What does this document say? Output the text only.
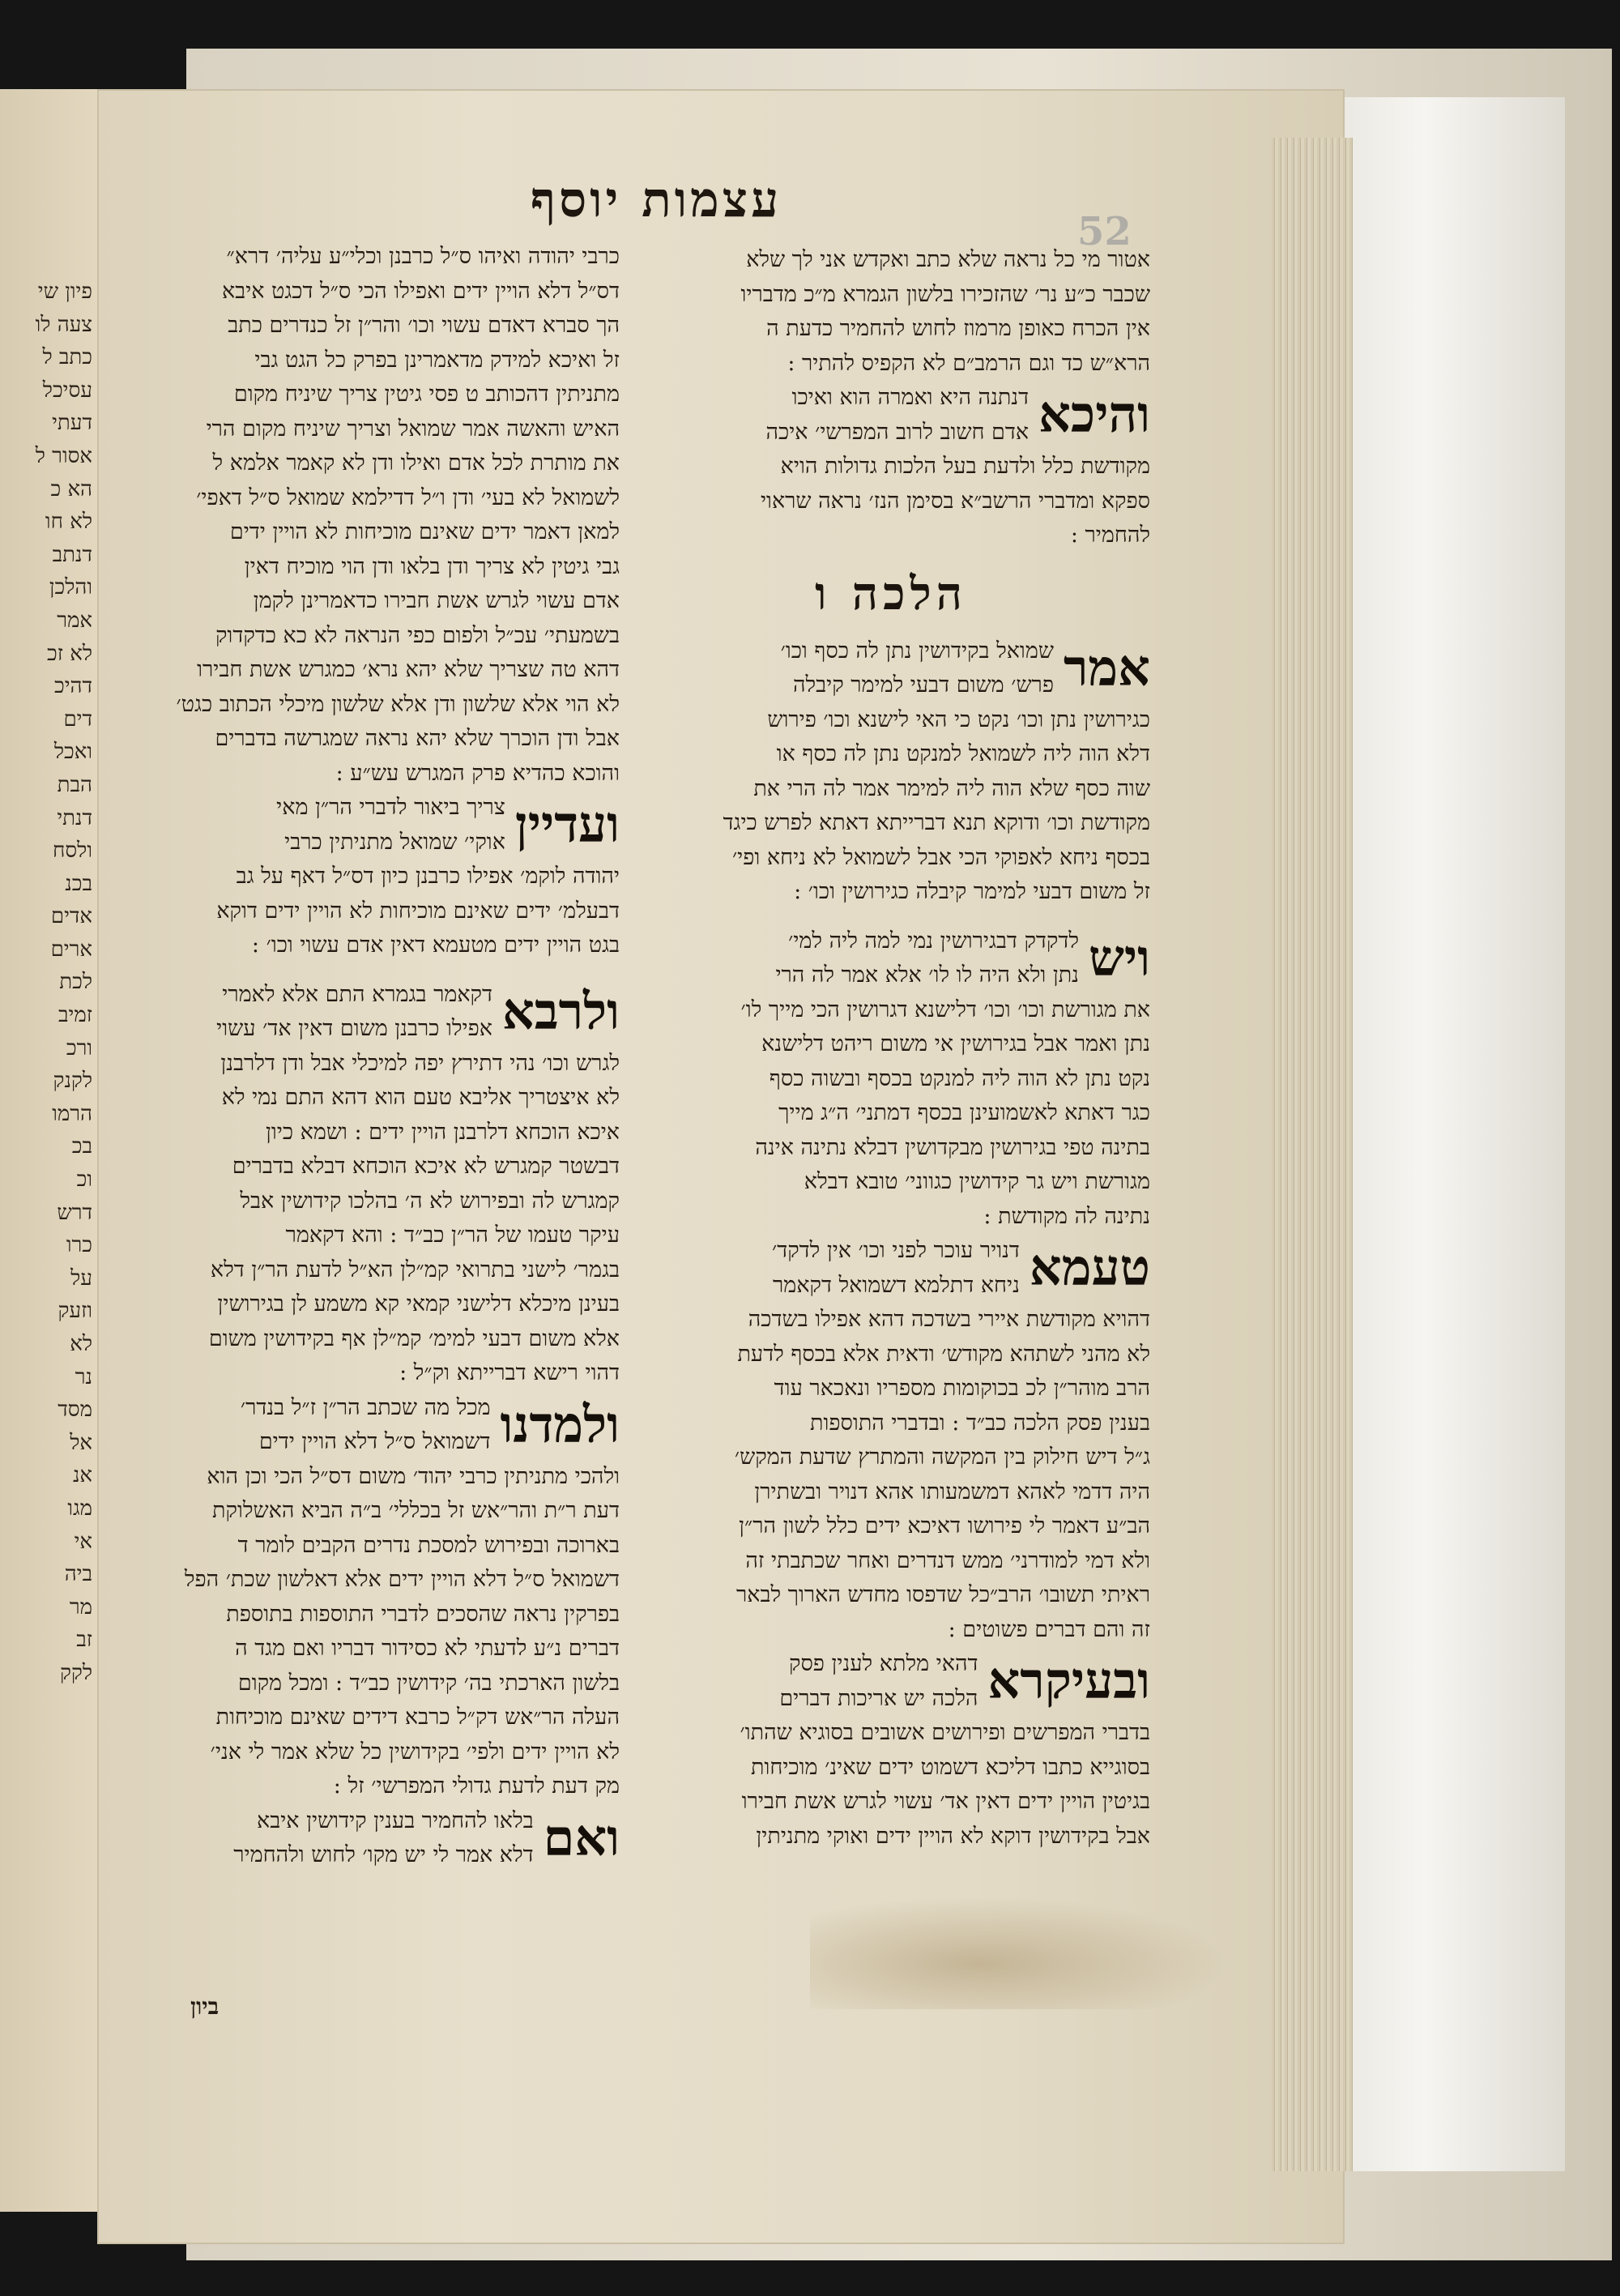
פיון שי
צעה לו
כתב ל
עסיכל
דעתי
אסור ל
הא כ
לא חו
דנתב
והלכן
אמר
לא זכ
דהיכ
דים
ואכל
הבת
דנתי
ולסח
בכנ
אדים
ארים
לכת
זמיב
ורכ
לקנק
הרמו
בכ
וכ
דרש
כרו
על
וזעק
לא
נר
מסד
אל
אנ
מגו
אי
ביה
מר
זב
לקק
עצמות יוסף
52
אטור מי כל נראה שלא כתב ואקדש אני לך שלא
שכבר כ״ע נר׳ שהזכירו בלשון הגמרא מ״כ מדבריו
אין הכרח כאופן מרמוז לחוש להחמיר כדעת ה
הרא״ש כד וגם הרמב״ם לא הקפיס להתיר :
והיכא
דנתנה היא ואמרה הוא ואיכו
אדם חשוב לרוב המפרשי׳ איכה
מקודשת כלל ולדעת בעל הלכות גדולות הויא
ספקא ומדברי הרשב״א בסימן הנז׳ נראה שראוי
להחמיר :
הלכה ו
אמר
שמואל בקידושין נתן לה כסף וכו׳
פרש׳ משום דבעי למימר קיבלה
כגירושין נתן וכו׳ נקט כי האי לישנא וכו׳ פירוש
דלא הוה ליה לשמואל למנקט נתן לה כסף או
שוה כסף שלא הוה ליה למימר אמר לה הרי את
מקודשת וכו׳ ודוקא תנא דברייתא דאתא לפרש כיגד
בכסף ניחא לאפוקי הכי אבל לשמואל לא ניחא ופי׳
זל משום דבעי למימר קיבלה כגירושין וכו׳ :
ויש
לדקדק דבגירושין נמי למה ליה למי׳
נתן ולא היה לו לו׳ אלא אמר לה הרי
את מגורשת וכו׳ וכו׳ דלישנא דגרושין הכי מייך לו׳
נתן ואמר אבל בגירושין אי משום ריהט דלישנא
נקט נתן לא הוה ליה למנקט בכסף ובשוה כסף
כגר דאתא לאשמועינן בכסף דמתני׳ ה״ג מייך
בתינה טפי בגירושין מבקדושין דבלא נתינה אינה
מגורשת ויש גר קידושין כגווני׳ טובא דבלא
נתינה לה מקודשת :
טעמא
דנויר עוכר לפני וכו׳ אין לדקד׳
ניחא דתלמא דשמואל דקאמר
דהויא מקודשת איירי בשדכה דהא אפילו בשדכה
לא מהני לשתהא מקודש׳ ודאית אלא בכסף לדעת
הרב מוהר״ן לכ בכוקומות מספריו ונאכאר עוד
בענין פסק הלכה כב״ד : ובדברי התוספות
ג״ל דיש חילוק בין המקשה והמתרץ שדעת המקש׳
היה דדמי לאהא דמשמעותו אהא דנויר ובשתירן
הב״ע דאמר לי פירושו דאיכא ידים כלל לשון הר״ן
ולא דמי למודרני׳ ממש דנדרים ואחר שכתבתי זה
ראיתי תשובו׳ הרב״כל שדפסו מחדש הארוך לבאר
זה והם דברים פשוטים :
ובעיקרא
דהאי מלתא לענין פסק
הלכה יש אריכות דברים
בדברי המפרשים ופירושים אשובים בסוגיא שהתו׳
בסוגייא כתבו דליכא דשמוט ידים שאינ׳ מוכיחות
בגיטין הויין ידים דאין אד׳ עשוי לגרש אשת חבירו
אבל בקידושין דוקא לא הויין ידים ואוקי מתניתין
כרבי יהודה ואיהו ס״ל כרבנן וכלי״ע עליה׳ דרא״
דס״ל דלא הויין ידים ואפילו הכי ס״ל דכגט איבא
הך סברא דאדם עשוי וכו׳ והר״ן זל כנדרים כתב
זל ואיכא למידק מדאמרינן בפרק כל הגט גבי
מתניתין דהכותב ט פסי גיטין צריך שיניח מקום
האיש והאשה אמר שמואל וצריך שיניח מקום הרי
את מותרת לכל אדם ואילו ודן לא קאמר אלמא ל
לשמואל לא בעי׳ ודן ו״ל דדילמא שמואל ס״ל דאפי׳
למאן דאמר ידים שאינם מוכיחות לא הויין ידים
גבי גיטין לא צריך ודן בלאו ודן הוי מוכיח דאין
אדם עשוי לגרש אשת חבירו כדאמרינן לקמן
בשמעתי׳ עכ״ל ולפום כפי הנראה לא כא כדקדוק
דהא טה שצריך שלא יהא נרא׳ כמגרש אשת חבירו
לא הוי אלא שלשון ודן אלא שלשון מיכלי הכתוב כגט׳
אבל ודן הוכרך שלא יהא נראה שמגרשה בדברים
והוכא כהדיא פרק המגרש עש״ע :
ועדיין
צריך ביאור לדברי הר״ן מאי
אוקי׳ שמואל מתניתין כרבי
יהודה לוקמ׳ אפילו כרבנן כיון דס״ל דאף על גב
דבעלמ׳ ידים שאינם מוכיחות לא הויין ידים דוקא
בגט הויין ידים מטעמא דאין אדם עשוי וכו׳ :
ולרבא
דקאמר בגמרא התם אלא לאמרי
אפילו כרבנן משום דאין אד׳ עשוי
לגרש וכו׳ נהי דתירץ יפה למיכלי אבל ודן דלרבנן
לא איצטריך אליבא טעם הוא דהא התם נמי לא
איכא הוכחא דלרבנן הויין ידים : ושמא כיון
דבשטר קמגרש לא איכא הוכחא דבלא בדברים
קמגרש לה ובפירוש לא ה׳ בהלכו קידושין אבל
עיקר טעמו של הר״ן כב״ד : והא דקאמר
בגמר׳ לישני בתרואי קמ״לן הא״ל לדעת הר״ן דלא
בעינן מיכלא דלישני קמאי קא משמע לן בגירושין
אלא משום דבעי למימ׳ קמ״לן אף בקידושין משום
דהוי רישא דברייתא וק״ל :
ולמדנו
מכל מה שכתב הר״ן ז״ל בנדר׳
דשמואל ס״ל דלא הויין ידים
ולהכי מתניתין כרבי יהוד׳ משום דס״ל הכי וכן הוא
דעת ר״ת והר״אש זל בכללי׳ ב״ה הביא האשלוקת
בארוכה ובפירוש למסכת נדרים הקבים לומר ד
דשמואל ס״ל דלא הויין ידים אלא דאלשון שכת׳ הפל
בפרקין נראה שהסכים לדברי התוספות בתוספת
דברים נ״ע לדעתי לא כסידור דבריו ואם מגד ה
בלשון הארכתי בה׳ קידושין כב״ד : ומכל מקום
העלה הר״אש דק״ל כרבא דידים שאינם מוכיחות
לא הויין ידים ולפי׳ בקידושין כל שלא אמר לי אני׳
מק דעת לדעת גדולי המפרשי׳ זל :
ואם
בלאו להחמיר בענין קידושין איבא
דלא אמר לי יש מקו׳ לחוש ולהחמיר
ביון
